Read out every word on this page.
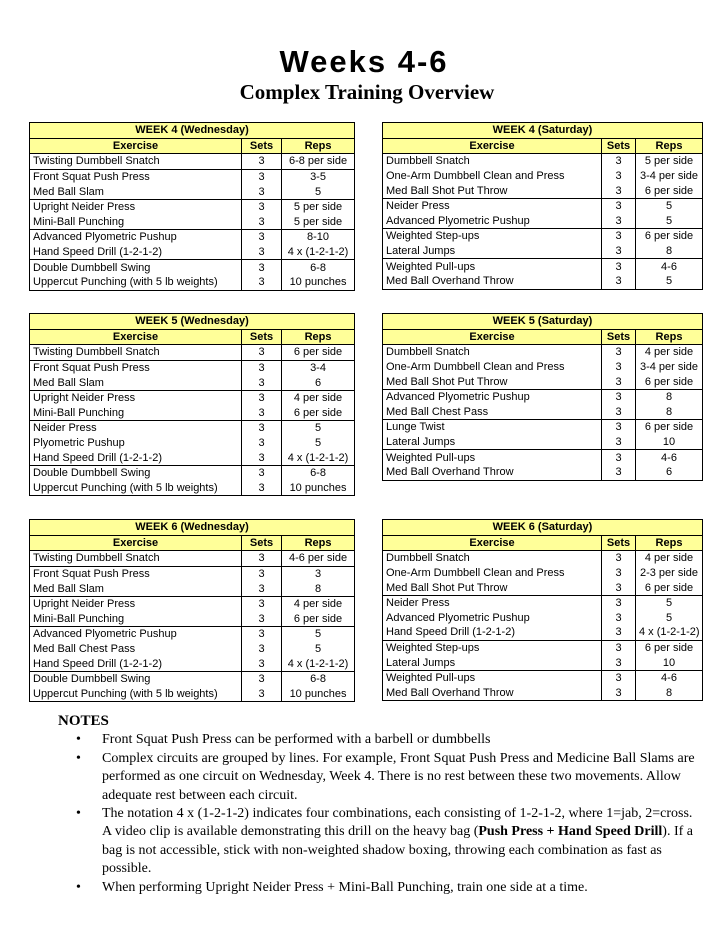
Weeks 4-6
Complex Training Overview
WEEK 4 (Wednesday)		
Exercise	Sets	Reps
Twisting Dumbbell Snatch	3	6-8 per side
Front Squat Push Press	3	3-5
Med Ball Slam	3	5
Upright Neider Press	3	5 per side
Mini-Ball Punching	3	5 per side
Advanced Plyometric Pushup	3	8-10
Hand Speed Drill (1-2-1-2)	3	4 x (1-2-1-2)
Double Dumbbell Swing	3	6-8
Uppercut Punching (with 5 lb weights)	3	10 punches
WEEK 4 (Saturday)		
Exercise	Sets	Reps
Dumbbell Snatch	3	5 per side
One-Arm Dumbbell Clean and Press	3	3-4 per side
Med Ball Shot Put Throw	3	6 per side
Neider Press	3	5
Advanced Plyometric Pushup	3	5
Weighted Step-ups	3	6 per side
Lateral Jumps	3	8
Weighted Pull-ups	3	4-6
Med Ball Overhand Throw	3	5
WEEK 5 (Wednesday)		
Exercise	Sets	Reps
Twisting Dumbbell Snatch	3	6 per side
Front Squat Push Press	3	3-4
Med Ball Slam	3	6
Upright Neider Press	3	4 per side
Mini-Ball Punching	3	6 per side
Neider Press	3	5
Plyometric Pushup	3	5
Hand Speed Drill (1-2-1-2)	3	4 x (1-2-1-2)
Double Dumbbell Swing	3	6-8
Uppercut Punching (with 5 lb weights)	3	10 punches
WEEK 5 (Saturday)		
Exercise	Sets	Reps
Dumbbell Snatch	3	4 per side
One-Arm Dumbbell Clean and Press	3	3-4 per side
Med Ball Shot Put Throw	3	6 per side
Advanced Plyometric Pushup	3	8
Med Ball Chest Pass	3	8
Lunge Twist	3	6 per side
Lateral Jumps	3	10
Weighted Pull-ups	3	4-6
Med Ball Overhand Throw	3	6
WEEK 6 (Wednesday)		
Exercise	Sets	Reps
Twisting Dumbbell Snatch	3	4-6 per side
Front Squat Push Press	3	3
Med Ball Slam	3	8
Upright Neider Press	3	4 per side
Mini-Ball Punching	3	6 per side
Advanced Plyometric Pushup	3	5
Med Ball Chest Pass	3	5
Hand Speed Drill (1-2-1-2)	3	4 x (1-2-1-2)
Double Dumbbell Swing	3	6-8
Uppercut Punching (with 5 lb weights)	3	10 punches
WEEK 6 (Saturday)		
Exercise	Sets	Reps
Dumbbell Snatch	3	4 per side
One-Arm Dumbbell Clean and Press	3	2-3 per side
Med Ball Shot Put Throw	3	6 per side
Neider Press	3	5
Advanced Plyometric Pushup	3	5
Hand Speed Drill (1-2-1-2)	3	4 x (1-2-1-2)
Weighted Step-ups	3	6 per side
Lateral Jumps	3	10
Weighted Pull-ups	3	4-6
Med Ball Overhand Throw	3	8
NOTES
• Front Squat Push Press can be performed with a barbell or dumbbells
• Complex circuits are grouped by lines. For example, Front Squat Push Press and Medicine Ball Slams are performed as one circuit on Wednesday, Week 4. There is no rest between these two movements. Allow adequate rest between each circuit.
• The notation 4 x (1-2-1-2) indicates four combinations, each consisting of 1-2-1-2, where 1=jab, 2=cross. A video clip is available demonstrating this drill on the heavy bag (Push Press + Hand Speed Drill). If a bag is not accessible, stick with non-weighted shadow boxing, throwing each combination as fast as possible.
• When performing Upright Neider Press + Mini-Ball Punching, train one side at a time.
